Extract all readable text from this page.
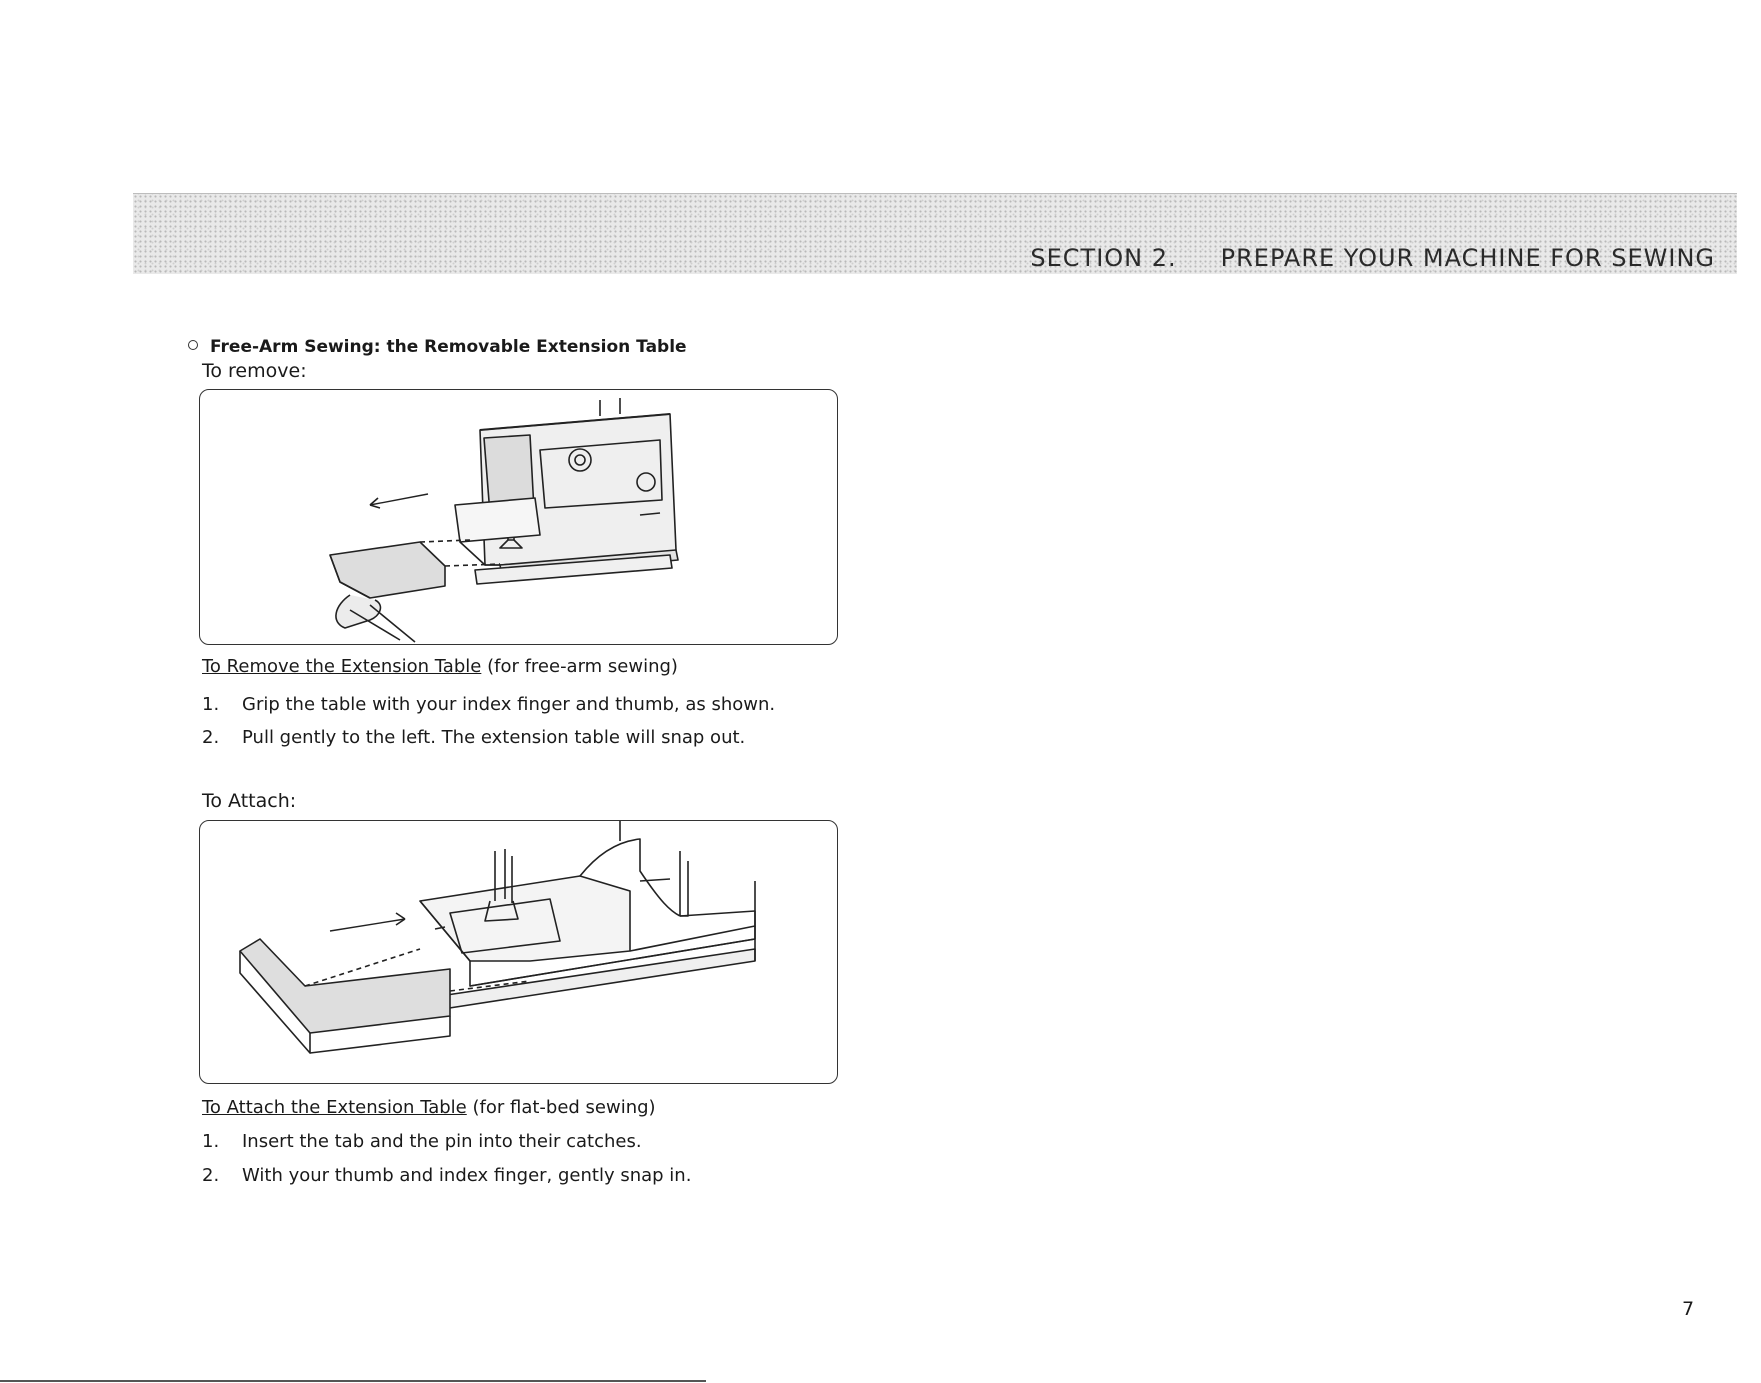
SECTION 2. PREPARE YOUR MACHINE FOR SEWING
Free-Arm Sewing: the Removable Extension Table
To remove:
To Remove the Extension Table (for free-arm sewing)
1. Grip the table with your index finger and thumb, as shown.
2. Pull gently to the left. The extension table will snap out.
To Attach:
To Attach the Extension Table (for flat-bed sewing)
1. Insert the tab and the pin into their catches.
2. With your thumb and index finger, gently snap in.
7
